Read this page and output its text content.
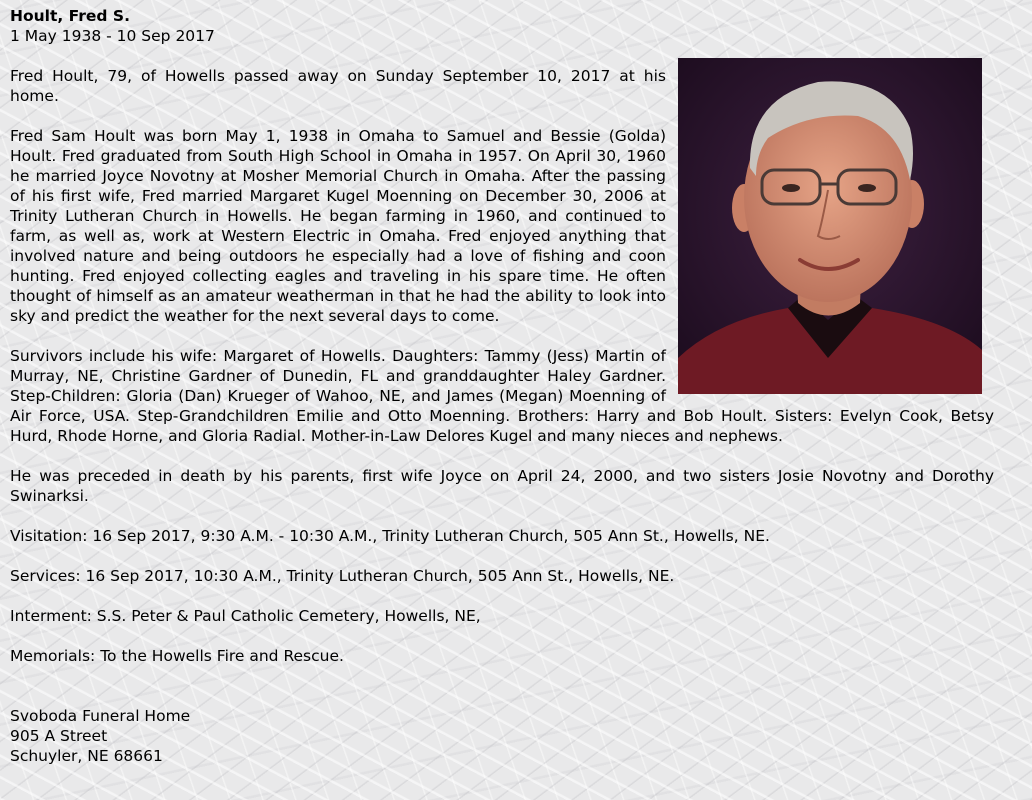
Hoult, Fred S.
1 May 1938 - 10 Sep 2017

Fred Hoult, 79, of Howells passed away on Sunday September 10, 2017 at his home.

Fred Sam Hoult was born May 1, 1938 in Omaha to Samuel and Bessie (Golda) Hoult. Fred graduated from South High School in Omaha in 1957. On April 30, 1960 he married Joyce Novotny at Mosher Memorial Church in Omaha. After the passing of his first wife, Fred married Margaret Kugel Moenning on December 30, 2006 at Trinity Lutheran Church in Howells. He began farming in 1960, and continued to farm, as well as, work at Western Electric in Omaha. Fred enjoyed anything that involved nature and being outdoors he especially had a love of fishing and coon hunting. Fred enjoyed collecting eagles and traveling in his spare time. He often thought of himself as an amateur weatherman in that he had the ability to look into sky and predict the weather for the next several days to come.

Survivors include his wife: Margaret of Howells. Daughters: Tammy (Jess) Martin of Murray, NE, Christine Gardner of Dunedin, FL and granddaughter Haley Gardner. Step-Children: Gloria (Dan) Krueger of Wahoo, NE, and James (Megan) Moenning of Air Force, USA. Step-Grandchildren Emilie and Otto Moenning. Brothers: Harry and Bob Hoult. Sisters: Evelyn Cook, Betsy Hurd, Rhode Horne, and Gloria Radial. Mother-in-Law Delores Kugel and many nieces and nephews.

He was preceded in death by his parents, first wife Joyce on April 24, 2000, and two sisters Josie Novotny and Dorothy Swinarksi.

Visitation: 16 Sep 2017, 9:30 A.M. - 10:30 A.M., Trinity Lutheran Church, 505 Ann St., Howells, NE.

Services: 16 Sep 2017, 10:30 A.M., Trinity Lutheran Church, 505 Ann St., Howells, NE.

Interment: S.S. Peter & Paul Catholic Cemetery, Howells, NE,

Memorials: To the Howells Fire and Rescue.

Svoboda Funeral Home

905 A Street

Schuyler, NE 68661
